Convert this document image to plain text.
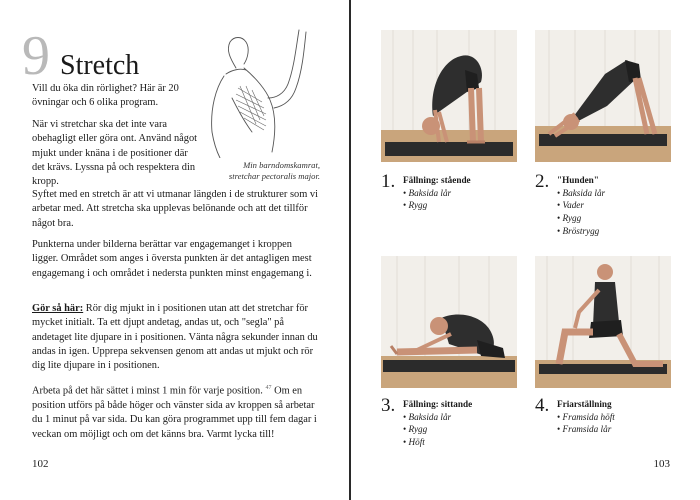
9 Stretch
Min barndomskamrat,
stretchar pectoralis major.

Vill du öka din rörlighet? Här är 20 övningar och 6 olika program.

När vi stretchar ska det inte vara obehagligt eller göra ont. Använd något mjukt under knäna i de positioner där det krävs. Lyssna på och respektera din kropp.

Syftet med en stretch är att vi utmanar längden i de strukturer som vi arbetar med. Att stretcha ska upplevas belönande och att det tillför något bra.

Punkterna under bilderna berättar var engagemanget i kroppen ligger. Området som anges i översta punkten är det antagligen mest engagemang i och området i nedersta punkten minst engagemang i.

Gör så här: Rör dig mjukt in i positionen utan att det stretchar för mycket initialt. Ta ett djupt andetag, andas ut, och "segla" på andetaget lite djupare in i positionen. Vänta några sekunder innan du andas in igen. Upprepa sekvensen genom att andas ut mjukt och rör dig lite djupare in i positionen.

Arbeta på det här sättet i minst 1 min för varje position. $^{47}$ Om en position utförs på både höger och vänster sida av kroppen så arbetar du 1 minut på var sida. Du kan göra programmet upp till fem dagar i veckan om möjligt och om det känns bra. Varmt lycka till!

102
1. Fällning: stående
• Baksida lår
• Rygg
2. "Hunden"
• Baksida lår
• Vader
• Rygg
• Bröstrygg
3. Fällning: sittande
• Baksida lår
• Rygg
• Höft
4. Friarställning
• Framsida höft
• Framsida lår
103
